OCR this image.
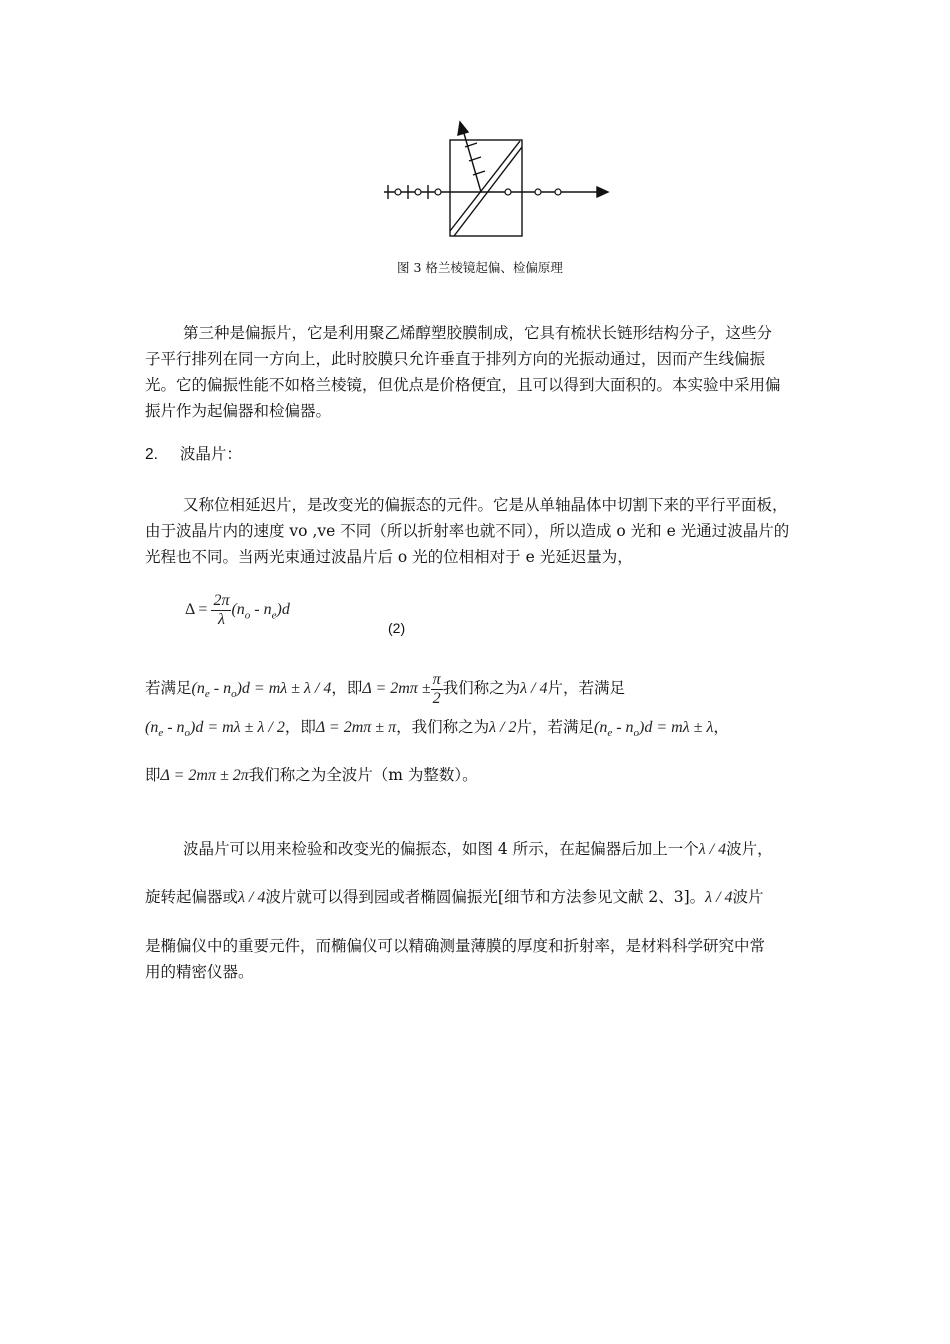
图 3 格兰棱镜起偏、检偏原理
第三种是偏振片，它是利用聚乙烯醇塑胶膜制成，它具有梳状长链形结构分子，这些分
子平行排列在同一方向上，此时胶膜只允许垂直于排列方向的光振动通过，因而产生线偏振
光。它的偏振性能不如格兰棱镜，但优点是价格便宜，且可以得到大面积的。本实验中采用偏
振片作为起偏器和检偏器。
2. 波晶片：
又称位相延迟片，是改变光的偏振态的元件。它是从单轴晶体中切割下来的平行平面板，
由于波晶片内的速度 vo ,ve 不同（所以折射率也就不同），所以造成 o 光和 e 光通过波晶片的
光程也不同。当两光束通过波晶片后 o 光的位相相对于 e 光延迟量为，
$\Delta = \frac{2\pi}{\lambda} (n_o - n_e)d$
(2)
若满足$(n_e - n_o)d = m\lambda \pm \lambda / 4$，即$\Delta = 2m\pi \pm \frac{\pi}{2}$ 我们称之为λ / 4片，若满足
$(n_e - n_o)d = m\lambda \pm \lambda / 2$，即Δ = 2mπ ± π，我们称之为λ / 2片，若满足$(n_e - n_o)d = m\lambda \pm \lambda$，
即Δ = 2mπ ± 2π我们称之为全波片（m 为整数）。
波晶片可以用来检验和改变光的偏振态，如图 4 所示，在起偏器后加上一个λ / 4波片，
旋转起偏器或λ / 4波片就可以得到园或者椭圆偏振光[细节和方法参见文献 2、3]。λ / 4波片
是椭偏仪中的重要元件，而椭偏仪可以精确测量薄膜的厚度和折射率，是材料科学研究中常
用的精密仪器。
